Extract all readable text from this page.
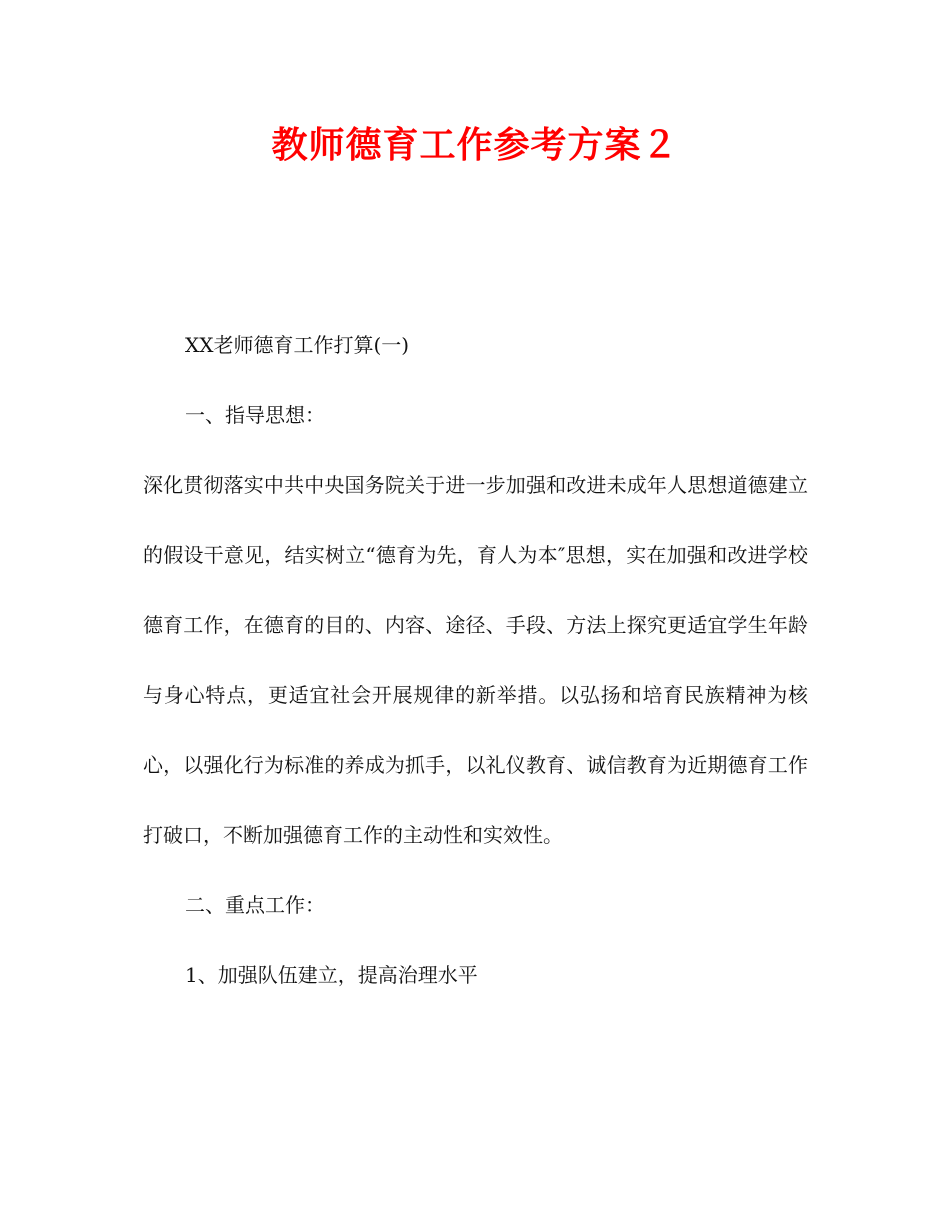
教师德育工作参考方案２

XX老师德育工作打算(一)

一、指导思想：

深化贯彻落实中共中央国务院关于进一步加强和改进未成年人思想道德建立的假设干意见，结实树立“德育为先，育人为本″思想，实在加强和改进学校德育工作，在德育的目的、内容、途径、手段、方法上探究更适宜学生年龄与身心特点，更适宜社会开展规律的新举措。以弘扬和培育民族精神为核心，以强化行为标准的养成为抓手，以礼仪教育、诚信教育为近期德育工作打破口，不断加强德育工作的主动性和实效性。

二、重点工作：

1、加强队伍建立，提高治理水平
